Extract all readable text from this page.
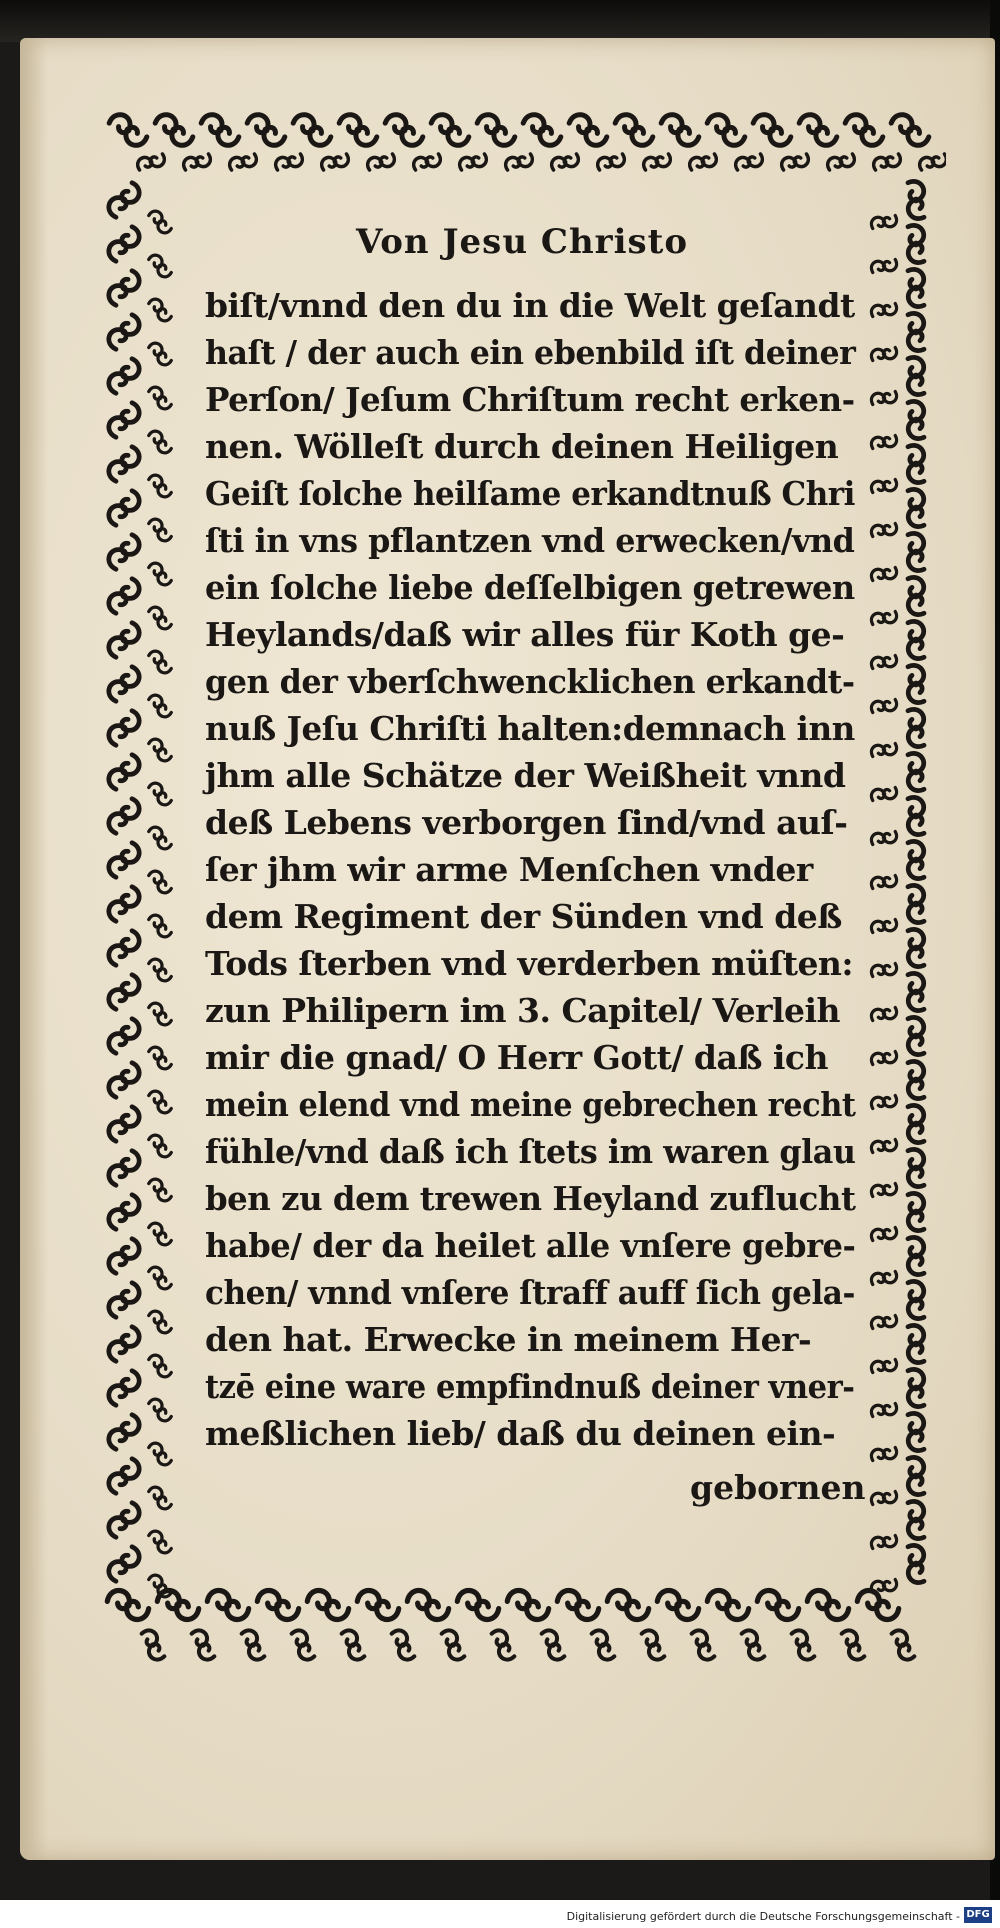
Von Jesu Christo
biſt/vnnd den du in die Welt geſandt
haſt / der auch ein ebenbild iſt deiner
Perſon/ Jeſum Chriſtum recht erken-
nen. Wölleſt durch deinen Heiligen
Geiſt ſolche heilſame erkandtnuß Chri
ſti in vns pflantzen vnd erwecken/vnd
ein ſolche liebe deſſelbigen getrewen
Heylands/daß wir alles für Koth ge-
gen der vberſchwencklichen erkandt-
nuß Jeſu Chriſti halten:demnach inn
jhm alle Schätze der Weißheit vnnd
deß Lebens verborgen ſind/vnd auſ-
ſer jhm wir arme Menſchen vnder
dem Regiment der Sünden vnd deß
Tods ſterben vnd verderben müſten:
zun Philipern im 3. Capitel/ Verleih
mir die gnad/ O Herr Gott/ daß ich
mein elend vnd meine gebrechen recht
fühle/vnd daß ich ſtets im waren glau
ben zu dem trewen Heyland zuflucht
habe/ der da heilet alle vnſere gebre-
chen/ vnnd vnſere ſtraff auff ſich gela-
den hat. Erwecke in meinem Her-
tzē eine ware empfindnuß deiner vner-
meßlichen lieb/ daß du deinen ein-
gebornen
Digitalisierung gefördert durch die Deutsche Forschungsgemeinschaft - DFG
